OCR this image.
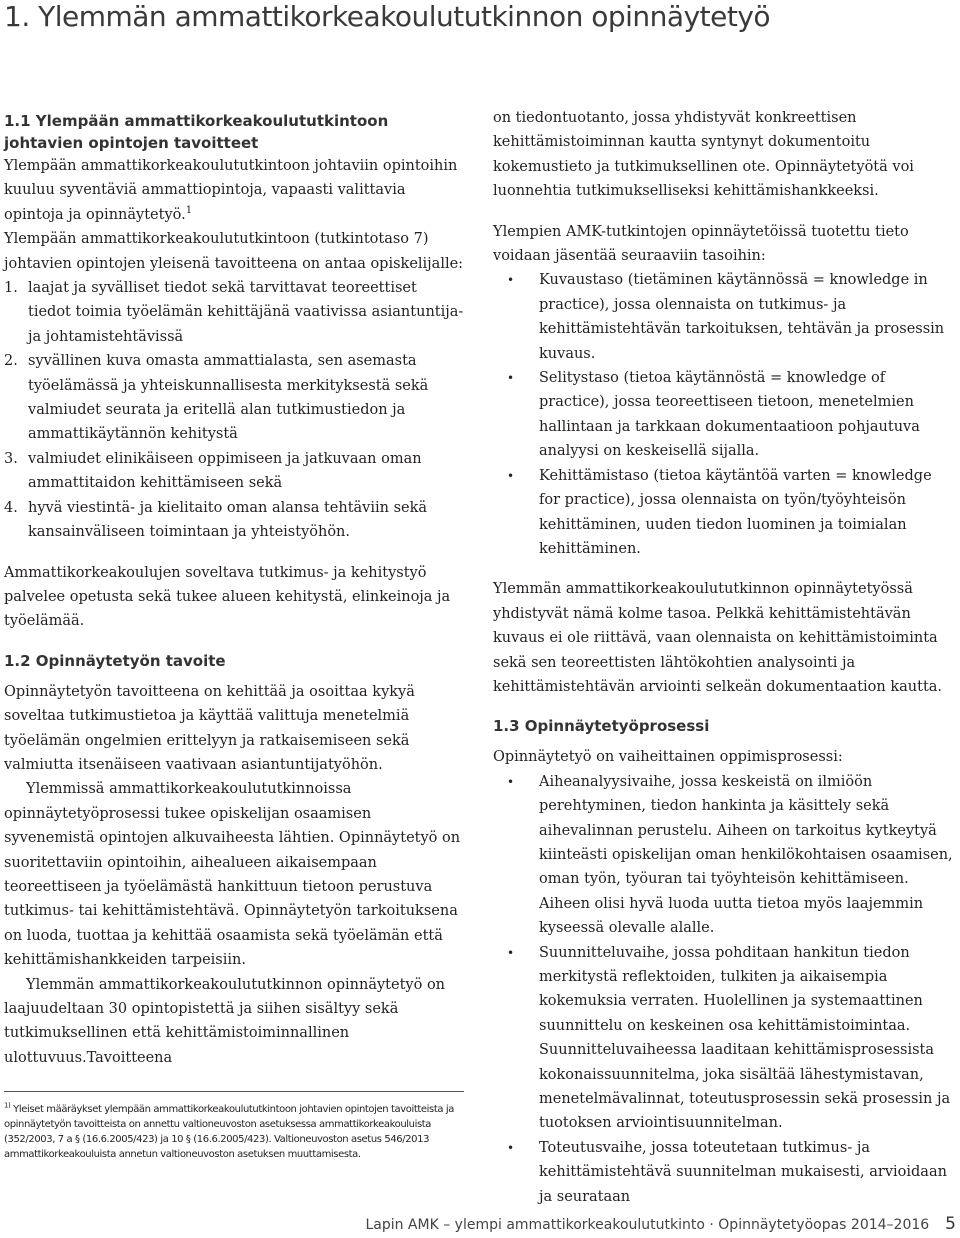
1. Ylemmän ammattikorkeakoulututkinnon opinnäytetyö
1.1 Ylempään ammattikorkeakoulututkintoon johtavien opintojen tavoitteet

Ylempään ammattikorkeakoulututkintoon johtaviin opintoihin kuuluu syventäviä ammattiopintoja, vapaasti valittavia opintoja ja opinnäytetyö.$^1$

Ylempään ammattikorkeakoulututkintoon (tutkintotaso 7) johtavien opintojen yleisenä tavoitteena on antaa opiskelijalle:

1. laajat ja syvälliset tiedot sekä tarvittavat teoreettiset tiedot toimia työelämän kehittäjänä vaativissa asiantuntija- ja johtamistehtävissä
2. syvällinen kuva omasta ammattialasta, sen asemasta työelämässä ja yhteiskunnallisesta merkityksestä sekä valmiudet seurata ja eritellä alan tutkimustiedon ja ammattikäytännön kehitystä
3. valmiudet elinikäiseen oppimiseen ja jatkuvaan oman ammattitaidon kehittämiseen sekä
4. hyvä viestintä- ja kielitaito oman alansa tehtäviin sekä kansainväliseen toimintaan ja yhteistyöhön.

Ammattikorkeakoulujen soveltava tutkimus- ja kehitystyö palvelee opetusta sekä tukee alueen kehitystä, elinkeinoja ja työelämää.

1.2 Opinnäytetyön tavoite

Opinnäytetyön tavoitteena on kehittää ja osoittaa kykyä soveltaa tutkimustietoa ja käyttää valittuja menetelmiä työelämän ongelmien erittelyyn ja ratkaisemiseen sekä valmiutta itsenäiseen vaativaan asiantuntijatyöhön.

Ylemmissä ammattikorkeakoulututkinnoissa opinnäytetyöprosessi tukee opiskelijan osaamisen syvenemistä opintojen alkuvaiheesta lähtien. Opinnäytetyö on suoritettaviin opintoihin, aihealueen aikaisempaan teoreettiseen ja työelämästä hankittuun tietoon perustuva tutkimus- tai kehittämistehtävä. Opinnäytetyön tarkoituksena on luoda, tuottaa ja kehittää osaamista sekä työelämän että kehittämishankkeiden tarpeisiin.

Ylemmän ammattikorkeakoulututkinnon opinnäytetyö on laajuudeltaan 30 opintopistettä ja siihen sisältyy sekä tutkimuksellinen että kehittämistoiminnallinen ulottuvuus.Tavoitteena

$^{1)}$ Yleiset määräykset ylempään ammattikorkeakoulututkintoon johtavien opintojen tavoitteista ja opinnäytetyön tavoitteista on annettu valtioneuvoston asetuksessa ammattikorkeakouluista (352/2003, 7 a § (16.6.2005/423) ja 10 § (16.6.2005/423). Valtioneuvoston asetus 546/2013 ammattikorkeakouluista annetun valtioneuvoston asetuksen muuttamisesta.

on tiedontuotanto, jossa yhdistyvät konkreettisen kehittämistoiminnan kautta syntynyt dokumentoitu kokemustieto ja tutkimuksellinen ote. Opinnäytetyötä voi luonnehtia tutkimukselliseksi kehittämishankkeeksi.

Ylempien AMK-tutkintojen opinnäytetöissä tuotettu tieto voidaan jäsentää seuraaviin tasoihin:

• Kuvaustaso (tietäminen käytännössä = knowledge in practice), jossa olennaista on tutkimus- ja kehittämistehtävän tarkoituksen, tehtävän ja prosessin kuvaus.
• Selitystaso (tietoa käytännöstä = knowledge of practice), jossa teoreettiseen tietoon, menetelmien hallintaan ja tarkkaan dokumentaatioon pohjautuva analyysi on keskeisellä sijalla.
• Kehittämistaso (tietoa käytäntöä varten = knowledge for practice), jossa olennaista on työn/työyhteisön kehittäminen, uuden tiedon luominen ja toimialan kehittäminen.

Ylemmän ammattikorkeakoulututkinnon opinnäytetyössä yhdistyvät nämä kolme tasoa. Pelkkä kehittämistehtävän kuvaus ei ole riittävä, vaan olennaista on kehittämistoiminta sekä sen teoreettisten lähtökohtien analysointi ja kehittämistehtävän arviointi selkeän dokumentaation kautta.

1.3 Opinnäytetyöprosessi

Opinnäytetyö on vaiheittainen oppimisprosessi:

• Aiheanalyysivaihe, jossa keskeistä on ilmiöön perehtyminen, tiedon hankinta ja käsittely sekä aihevalinnan perustelu. Aiheen on tarkoitus kytkeytyä kiinteästi opiskelijan oman henkilökohtaisen osaamisen, oman työn, työuran tai työyhteisön kehittämiseen. Aiheen olisi hyvä luoda uutta tietoa myös laajemmin kyseessä olevalle alalle.
• Suunnitteluvaihe, jossa pohditaan hankitun tiedon merkitystä reflektoiden, tulkiten ja aikaisempia kokemuksia verraten. Huolellinen ja systemaattinen suunnittelu on keskeinen osa kehittämistoimintaa. Suunnitteluvaiheessa laaditaan kehittämisprosessista kokonaissuunnitelma, joka sisältää lähestymistavan, menetelmävalinnat, toteutusprosessin sekä prosessin ja tuotoksen arviointisuunnitelman.
• Toteutusvaihe, jossa toteutetaan tutkimus- ja kehittämistehtävä suunnitelman mukaisesti, arvioidaan ja seurataan
Lapin AMK – ylempi ammattikorkeakoulututkinto · Opinnäytetyöopas 2014–2016 5
